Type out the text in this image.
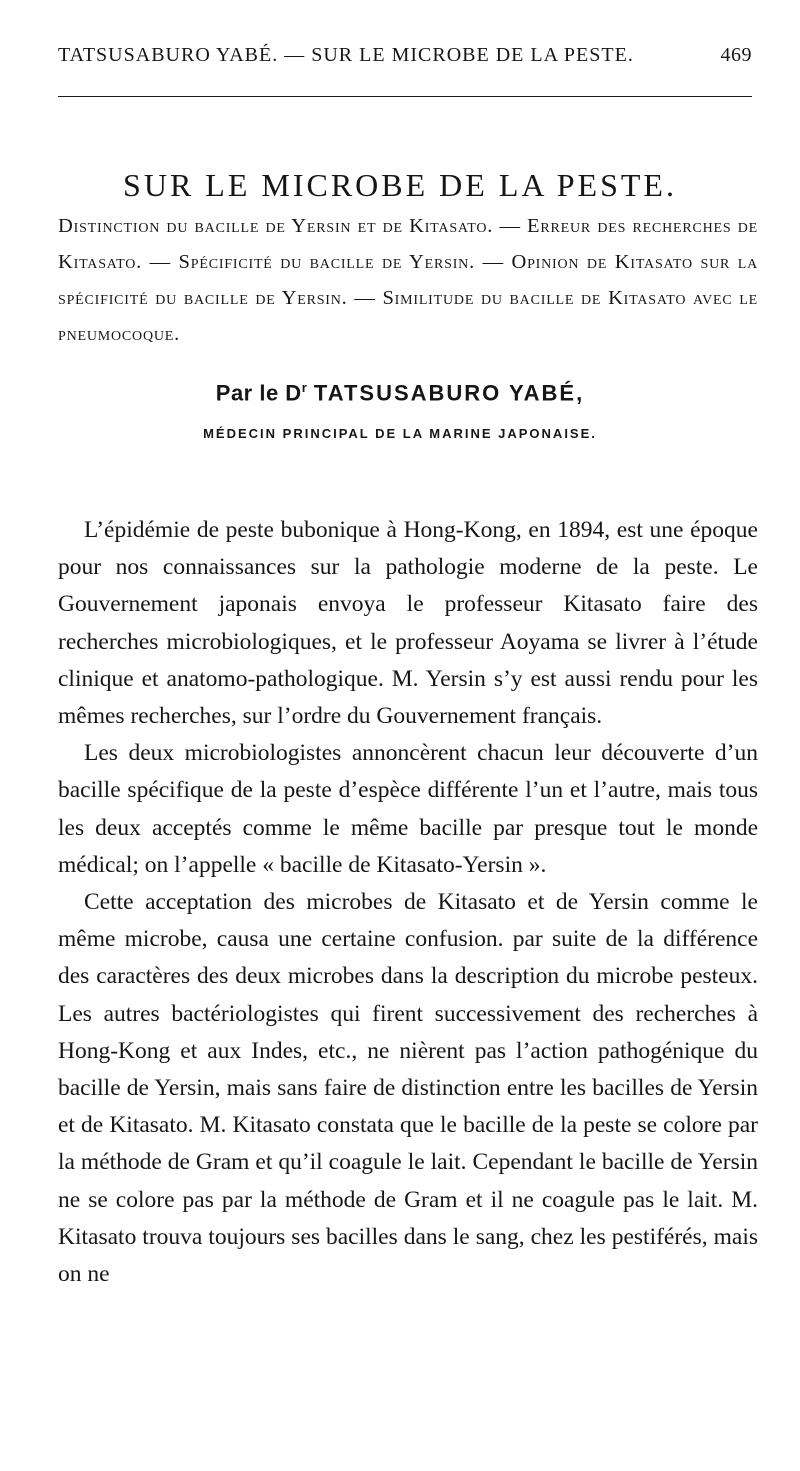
TATSUSABURO YABÉ. — SUR LE MICROBE DE LA PESTE.	469
SUR LE MICROBE DE LA PESTE.
Distinction du bacille de Yersin et de Kitasato. — Erreur des recherches de Kitasato. — Spécificité du bacille de Yersin. — Opinion de Kitasato sur la spécificité du bacille de Yersin. — Similitude du bacille de Kitasato avec le pneumocoque.
Par le $D^r$ TATSUSABURO YABÉ,
MÉDECIN PRINCIPAL DE LA MARINE JAPONAISE.

L’épidémie de peste bubonique à Hong-Kong, en 1894, est une époque pour nos connaissances sur la pathologie moderne de la peste. Le Gouvernement japonais envoya le professeur Kitasato faire des recherches microbiologiques, et le professeur Aoyama se livrer à l’étude clinique et anatomo-pathologique. M. Yersin s’y est aussi rendu pour les mêmes recherches, sur l’ordre du Gouvernement français.

Les deux microbiologistes annoncèrent chacun leur découverte d’un bacille spécifique de la peste d’espèce différente l’un et l’autre, mais tous les deux acceptés comme le même bacille par presque tout le monde médical; on l’appelle « bacille de Kitasato-Yersin ».

Cette acceptation des microbes de Kitasato et de Yersin comme le même microbe, causa une certaine confusion. par suite de la différence des caractères des deux microbes dans la description du microbe pesteux. Les autres bactériologistes qui firent successivement des recherches à Hong-Kong et aux Indes, etc., ne nièrent pas l’action pathogénique du bacille de Yersin, mais sans faire de distinction entre les bacilles de Yersin et de Kitasato. M. Kitasato constata que le bacille de la peste se colore par la méthode de Gram et qu’il coagule le lait. Cependant le bacille de Yersin ne se colore pas par la méthode de Gram et il ne coagule pas le lait. M. Kitasato trouva toujours ses bacilles dans le sang, chez les pestiférés, mais on ne
